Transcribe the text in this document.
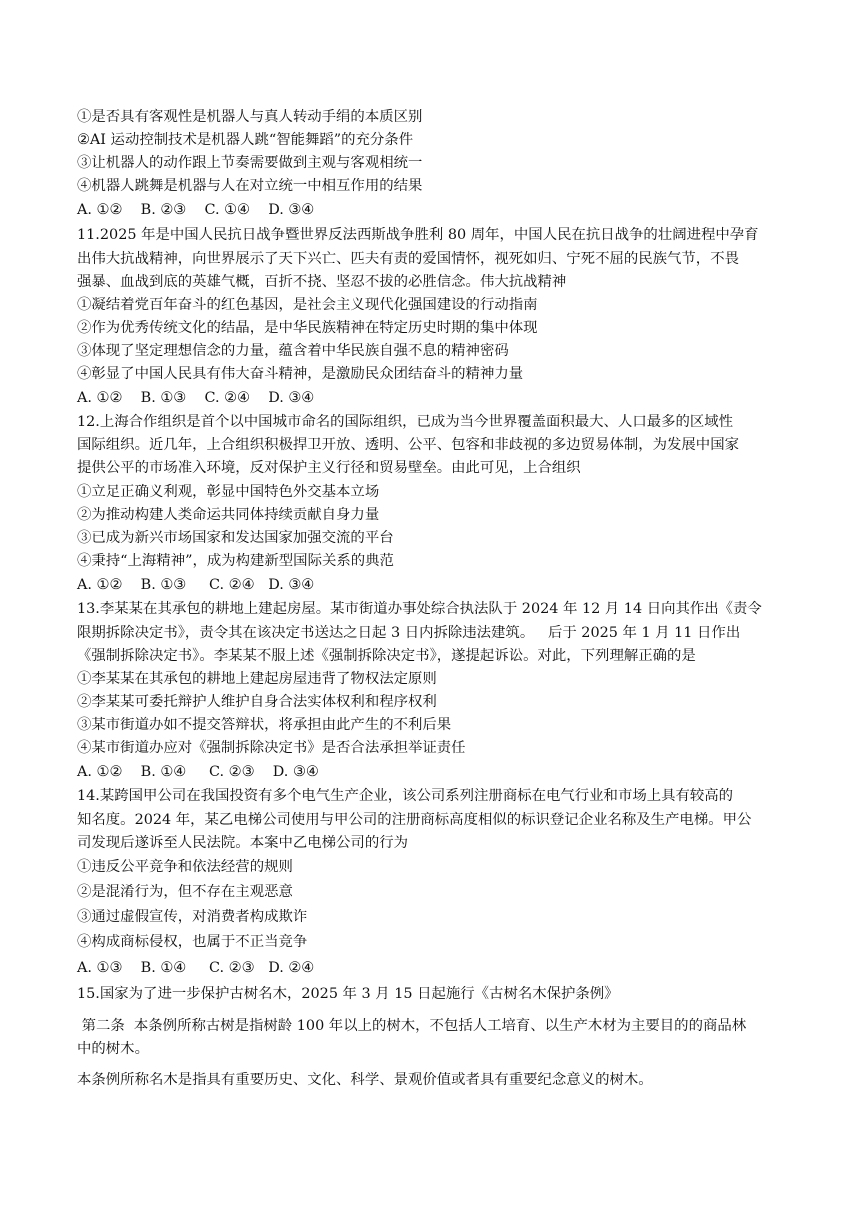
①是否具有客观性是机器人与真人转动手绢的本质区别
②AI 运动控制技术是机器人跳“智能舞蹈”的充分条件
③让机器人的动作跟上节奏需要做到主观与客观相统一
④机器人跳舞是机器与人在对立统一中相互作用的结果
A. ①②    B. ②③    C. ①④    D. ③④
11.2025 年是中国人民抗日战争暨世界反法西斯战争胜利 80 周年，中国人民在抗日战争的壮阔进程中孕育
出伟大抗战精神，向世界展示了天下兴亡、匹夫有责的爱国情怀，视死如归、宁死不屈的民族气节，不畏
强暴、血战到底的英雄气概，百折不挠、坚忍不拔的必胜信念。伟大抗战精神
①凝结着党百年奋斗的红色基因，是社会主义现代化强国建设的行动指南
②作为优秀传统文化的结晶，是中华民族精神在特定历史时期的集中体现
③体现了坚定理想信念的力量，蕴含着中华民族自强不息的精神密码
④彰显了中国人民具有伟大奋斗精神，是激励民众团结奋斗的精神力量
A. ①②    B. ①③    C. ②④    D. ③④
12.上海合作组织是首个以中国城市命名的国际组织，已成为当今世界覆盖面积最大、人口最多的区域性
国际组织。近几年，上合组织积极捍卫开放、透明、公平、包容和非歧视的多边贸易体制，为发展中国家
提供公平的市场准入环境，反对保护主义行径和贸易壁垒。由此可见，上合组织
①立足正确义利观，彰显中国特色外交基本立场
②为推动构建人类命运共同体持续贡献自身力量
③已成为新兴市场国家和发达国家加强交流的平台
④秉持“上海精神”，成为构建新型国际关系的典范
A. ①②    B. ①③     C. ②④   D. ③④
13.李某某在其承包的耕地上建起房屋。某市街道办事处综合执法队于 2024 年 12 月 14 日向其作出《责令
限期拆除决定书》，责令其在该决定书送达之日起 3 日内拆除违法建筑。   后于 2025 年 1 月 11 日作出
《强制拆除决定书》。李某某不服上述《强制拆除决定书》，遂提起诉讼。对此，下列理解正确的是
①李某某在其承包的耕地上建起房屋违背了物权法定原则
②李某某可委托辩护人维护自身合法实体权利和程序权利
③某市街道办如不提交答辩状，将承担由此产生的不利后果
④某市街道办应对《强制拆除决定书》是否合法承担举证责任
A. ①②    B. ①④     C. ②③    D. ③④
14.某跨国甲公司在我国投资有多个电气生产企业，该公司系列注册商标在电气行业和市场上具有较高的
知名度。2024 年，某乙电梯公司使用与甲公司的注册商标高度相似的标识登记企业名称及生产电梯。甲公
司发现后遂诉至人民法院。本案中乙电梯公司的行为
①违反公平竞争和依法经营的规则
②是混淆行为，但不存在主观恶意
③通过虚假宣传，对消费者构成欺诈
④构成商标侵权，也属于不正当竞争
A. ①③    B. ①④     C. ②③   D. ②④
15.国家为了进一步保护古树名木，2025 年 3 月 15 日起施行《古树名木保护条例》
第二条  本条例所称古树是指树龄 100 年以上的树木，不包括人工培育、以生产木材为主要目的的商品林
中的树木。
本条例所称名木是指具有重要历史、文化、科学、景观价值或者具有重要纪念意义的树木。
